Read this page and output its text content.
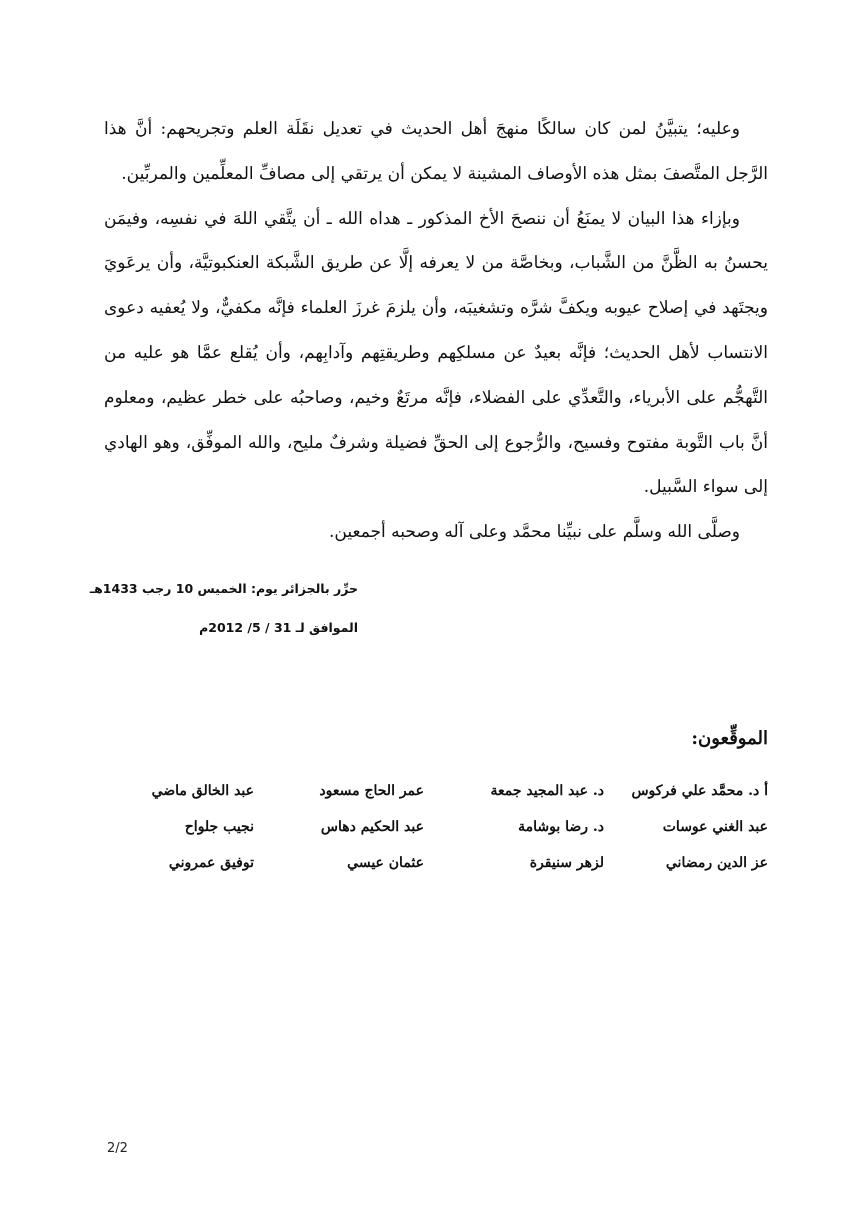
وعليه؛ يتبيَّنُ لمن كان سالكًا منهجَ أهل الحديث في تعديل نقَلَة العلم وتجريحهم: أنَّ هذا الرَّجل المتَّصفَ بمثل هذه الأوصاف المشينة لا يمكن أن يرتقي إلى مصافِّ المعلِّمين والمربِّين.

وبإزاء هذا البيان لا يمنَعُ أن ننصحَ الأخ المذكور ـ هداه الله ـ أن يتَّقي اللهَ في نفسِه، وفيمَن يحسنُ به الظَّنَّ من الشَّباب، وبخاصَّة من لا يعرفه إلَّا عن طريق الشَّبكة العنكبوتيَّة، وأن يرعَويَ ويجتَهد في إصلاح عيوبه ويكفَّ شرَّه وتشغيبَه، وأن يلزمَ غرزَ العلماء فإنَّه مكفيٌّ، ولا يُعفيه دعوى الانتساب لأهل الحديث؛ فإنَّه بعيدٌ عن مسلكِهم وطريقتِهم وآدابِهم، وأن يُقلع عمَّا هو عليه من التَّهجُّم على الأبرياء، والتَّعدِّي على الفضلاء، فإنَّه مرتَعٌ وخيم، وصاحبُه على خطر عظيم، ومعلوم أنَّ باب التَّوبة مفتوح وفسيح، والرُّجوع إلى الحقِّ فضيلة وشرفٌ مليح، والله الموفِّق، وهو الهادي إلى سواء السَّبيل.

وصلَّى الله وسلَّم على نبيِّنا محمَّد وعلى آله وصحبه أجمعين.

حرِّر بالجزائر يوم: الخميس 10 رجب 1433هـ
الموافق لـ 31 / 5/ 2012م
الموقِّعون:
أ د. محمَّد علي فركوس
د. عبد المجيد جمعة
عمر الحاج مسعود
عبد الخالق ماضي
عبد الغني عوسات
د. رضا بوشامة
عبد الحكيم دهاس
نجيب جلواح
عز الدين رمضاني
لزهر سنيقرة
عثمان عيسي
توفيق عمروني
2/2
